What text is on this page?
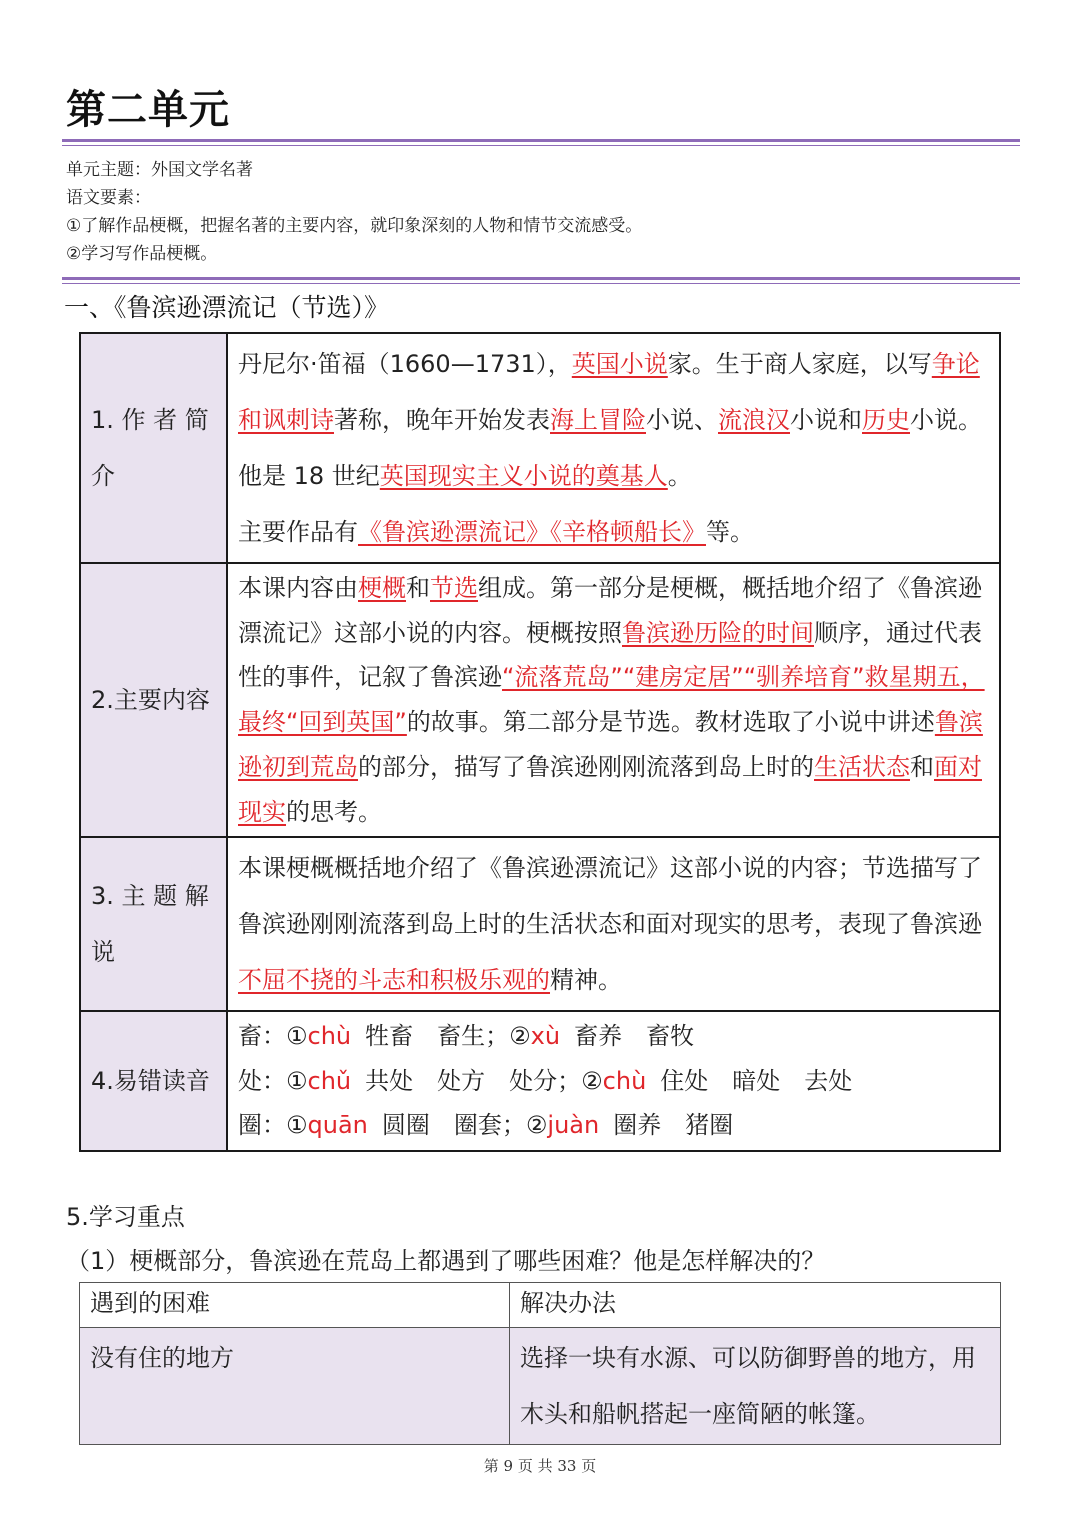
第二单元
单元主题：外国文学名著
语文要素：
①了解作品梗概，把握名著的主要内容，就印象深刻的人物和情节交流感受。
②学习写作品梗概。
一、《鲁滨逊漂流记（节选）》
1. 作 者 简 介	丹尼尔·笛福（1660—1731），英国小说家。生于商人家庭，以写争论和讽刺诗著称，晚年开始发表海上冒险小说、流浪汉小说和历史小说。

他是 18 世纪英国现实主义小说的奠基人。

主要作品有《鲁滨逊漂流记》《辛格顿船长》等。

2.主要内容	本课内容由梗概和节选组成。第一部分是梗概，概括地介绍了《鲁滨逊漂流记》这部小说的内容。梗概按照鲁滨逊历险的时间顺序，通过代表性的事件，记叙了鲁滨逊“流落荒岛”“建房定居”“驯养培育”救星期五，最终“回到英国”的故事。第二部分是节选。教材选取了小说中讲述鲁滨逊初到荒岛的部分，描写了鲁滨逊刚刚流落到岛上时的生活状态和面对现实的思考。

3. 主 题 解 说	本课梗概概括地介绍了《鲁滨逊漂流记》这部小说的内容；节选描写了鲁滨逊刚刚流落到岛上时的生活状态和面对现实的思考，表现了鲁滨逊不屈不挠的斗志和积极乐观的精神。

4.易错读音	畜：①chù 牲畜　畜生；②xù 畜养　畜牧

处：①chǔ 共处　处方　处分；②chù 住处　暗处　去处

圈：①quān 圆圈　圈套；②juàn 圈养　猪圈

5.学习重点
（1）梗概部分，鲁滨逊在荒岛上都遇到了哪些困难？他是怎样解决的？
遇到的困难	解决办法
没有住的地方	选择一块有水源、可以防御野兽的地方，用木头和船帆搭起一座简陋的帐篷。
第 9 页 共 33 页
